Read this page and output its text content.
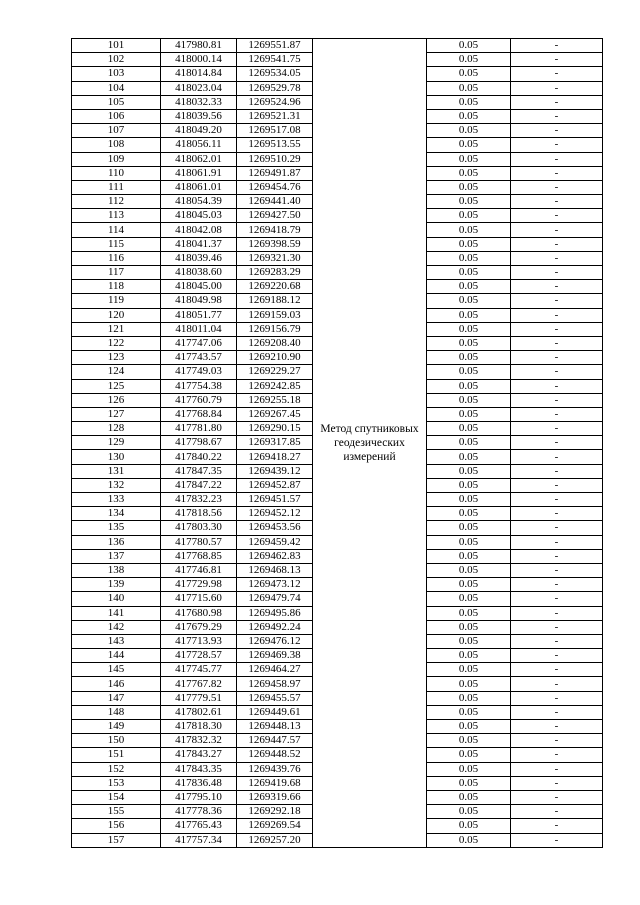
101	417980.81	1269551.87	Метод спутниковых геодезических измерений	0.05	-
102	418000.14	1269541.75		0.05	-
103	418014.84	1269534.05		0.05	-
104	418023.04	1269529.78		0.05	-
105	418032.33	1269524.96		0.05	-
106	418039.56	1269521.31		0.05	-
107	418049.20	1269517.08		0.05	-
108	418056.11	1269513.55		0.05	-
109	418062.01	1269510.29		0.05	-
110	418061.91	1269491.87		0.05	-
111	418061.01	1269454.76		0.05	-
112	418054.39	1269441.40		0.05	-
113	418045.03	1269427.50		0.05	-
114	418042.08	1269418.79		0.05	-
115	418041.37	1269398.59		0.05	-
116	418039.46	1269321.30		0.05	-
117	418038.60	1269283.29		0.05	-
118	418045.00	1269220.68		0.05	-
119	418049.98	1269188.12		0.05	-
120	418051.77	1269159.03		0.05	-
121	418011.04	1269156.79		0.05	-
122	417747.06	1269208.40		0.05	-
123	417743.57	1269210.90		0.05	-
124	417749.03	1269229.27		0.05	-
125	417754.38	1269242.85		0.05	-
126	417760.79	1269255.18		0.05	-
127	417768.84	1269267.45		0.05	-
128	417781.80	1269290.15		0.05	-
129	417798.67	1269317.85		0.05	-
130	417840.22	1269418.27		0.05	-
131	417847.35	1269439.12		0.05	-
132	417847.22	1269452.87		0.05	-
133	417832.23	1269451.57		0.05	-
134	417818.56	1269452.12		0.05	-
135	417803.30	1269453.56		0.05	-
136	417780.57	1269459.42		0.05	-
137	417768.85	1269462.83		0.05	-
138	417746.81	1269468.13		0.05	-
139	417729.98	1269473.12		0.05	-
140	417715.60	1269479.74		0.05	-
141	417680.98	1269495.86		0.05	-
142	417679.29	1269492.24		0.05	-
143	417713.93	1269476.12		0.05	-
144	417728.57	1269469.38		0.05	-
145	417745.77	1269464.27		0.05	-
146	417767.82	1269458.97		0.05	-
147	417779.51	1269455.57		0.05	-
148	417802.61	1269449.61		0.05	-
149	417818.30	1269448.13		0.05	-
150	417832.32	1269447.57		0.05	-
151	417843.27	1269448.52		0.05	-
152	417843.35	1269439.76		0.05	-
153	417836.48	1269419.68		0.05	-
154	417795.10	1269319.66		0.05	-
155	417778.36	1269292.18		0.05	-
156	417765.43	1269269.54		0.05	-
157	417757.34	1269257.20		0.05	-
